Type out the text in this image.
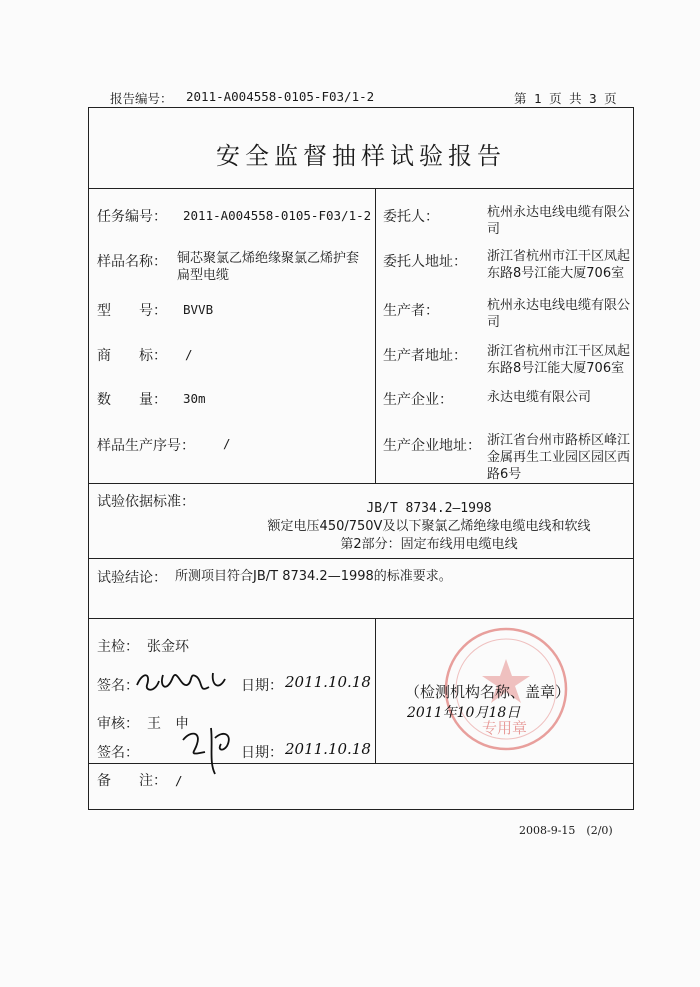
报告编号： 2011-A004558-0105-F03/1-2	第 1 页 共 3 页
安全监督抽样试验报告
任务编号： 2011-A004558-0105-F03/1-2
样品名称： 铜芯聚氯乙烯绝缘聚氯乙烯护套扁型电缆
型　　号： BVVB
商　　标： /
数　　量： 30m
样品生产序号： /
委托人：	杭州永达电线电缆有限公司
委托人地址： 浙江省杭州市江干区凤起东路8号江能大厦706室
生产者：	杭州永达电线电缆有限公司
生产者地址： 浙江省杭州市江干区凤起东路8号江能大厦706室
生产企业：	永达电缆有限公司
生产企业地址： 浙江省台州市路桥区峰江金属再生工业园区园区西路6号
试验依据标准：	JB/T 8734.2—1998
额定电压450/750V及以下聚氯乙烯绝缘电缆电线和软线
第2部分：固定布线用电缆电线
试验结论： 所测项目符合JB/T 8734.2—1998的标准要求。
主检： 张金环
签名：	日期： 2011.10.18
审核： 王　申
签名：	日期： 2011.10.18
（检测机构名称、盖章）
2011年10月18日
专用章
备　　注： /
2008-9-15　(2/0)
